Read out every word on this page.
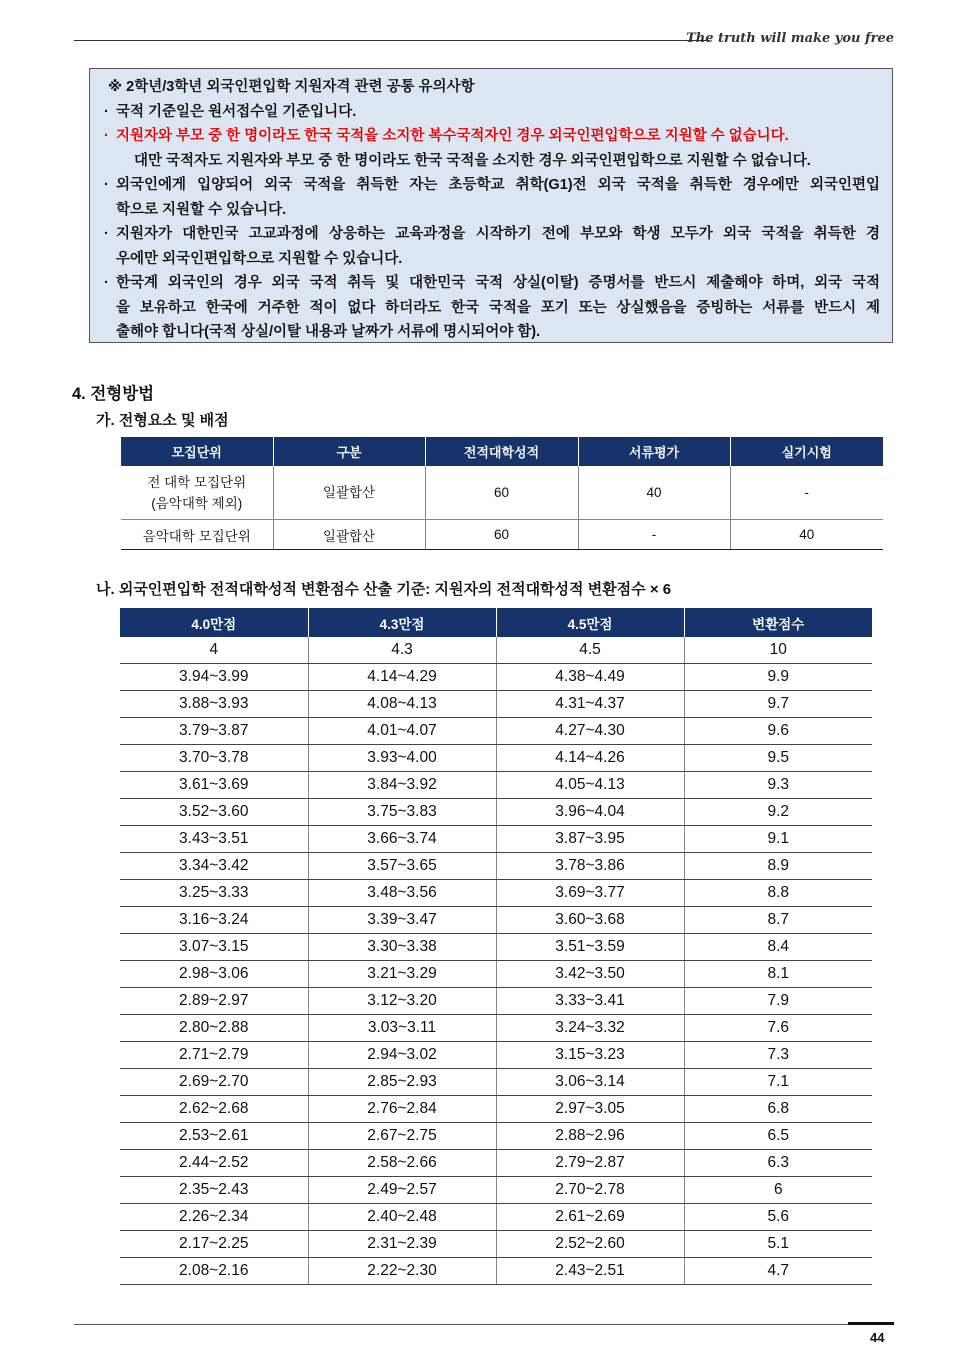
The truth will make you free
※ 2학년/3학년 외국인편입학 지원자격 관련 공통 유의사항
· 국적 기준일은 원서접수일 기준입니다.
· 지원자와 부모 중 한 명이라도 한국 국적을 소지한 복수국적자인 경우 외국인편입학으로 지원할 수 없습니다.
대만 국적자도 지원자와 부모 중 한 명이라도 한국 국적을 소지한 경우 외국인편입학으로 지원할 수 없습니다.
· 외국인에게 입양되어 외국 국적을 취득한 자는 초등학교 취학(G1)전 외국 국적을 취득한 경우에만 외국인편입
학으로 지원할 수 있습니다.
· 지원자가 대한민국 고교과정에 상응하는 교육과정을 시작하기 전에 부모와 학생 모두가 외국 국적을 취득한 경
우에만 외국인편입학으로 지원할 수 있습니다.
· 한국계 외국인의 경우 외국 국적 취득 및 대한민국 국적 상실(이탈) 증명서를 반드시 제출해야 하며, 외국 국적
을 보유하고 한국에 거주한 적이 없다 하더라도 한국 국적을 포기 또는 상실했음을 증빙하는 서류를 반드시 제
출해야 합니다(국적 상실/이탈 내용과 날짜가 서류에 명시되어야 함).
4. 전형방법
가. 전형요소 및 배점
모집단위	구분	전적대학성적	서류평가	실기시험

전 대학 모집단위
(음악대학 제외)	일괄합산	60	40	-
음악대학 모집단위	일괄합산	60	-	40
나. 외국인편입학 전적대학성적 변환점수 산출 기준: 지원자의 전적대학성적 변환점수 × 6
4.0만점	4.3만점	4.5만점	변환점수
4	4.3	4.5	10
3.94~3.99	4.14~4.29	4.38~4.49	9.9
3.88~3.93	4.08~4.13	4.31~4.37	9.7
3.79~3.87	4.01~4.07	4.27~4.30	9.6
3.70~3.78	3.93~4.00	4.14~4.26	9.5
3.61~3.69	3.84~3.92	4.05~4.13	9.3
3.52~3.60	3.75~3.83	3.96~4.04	9.2
3.43~3.51	3.66~3.74	3.87~3.95	9.1
3.34~3.42	3.57~3.65	3.78~3.86	8.9
3.25~3.33	3.48~3.56	3.69~3.77	8.8
3.16~3.24	3.39~3.47	3.60~3.68	8.7
3.07~3.15	3.30~3.38	3.51~3.59	8.4
2.98~3.06	3.21~3.29	3.42~3.50	8.1
2.89~2.97	3.12~3.20	3.33~3.41	7.9
2.80~2.88	3.03~3.11	3.24~3.32	7.6
2.71~2.79	2.94~3.02	3.15~3.23	7.3
2.69~2.70	2.85~2.93	3.06~3.14	7.1
2.62~2.68	2.76~2.84	2.97~3.05	6.8
2.53~2.61	2.67~2.75	2.88~2.96	6.5
2.44~2.52	2.58~2.66	2.79~2.87	6.3
2.35~2.43	2.49~2.57	2.70~2.78	6
2.26~2.34	2.40~2.48	2.61~2.69	5.6
2.17~2.25	2.31~2.39	2.52~2.60	5.1
2.08~2.16	2.22~2.30	2.43~2.51	4.7
44
